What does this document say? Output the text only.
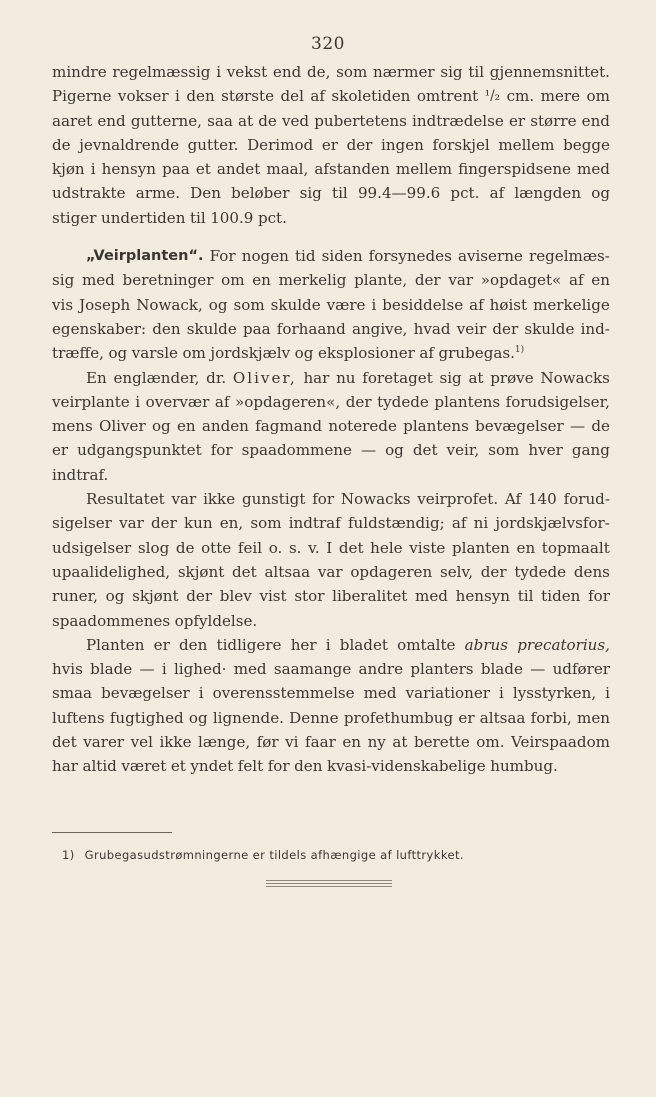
320
mindre regelmæssig i vekst end de, som nærmer sig til gjennemsnittet.
Pigerne vokser i den største del af skoletiden omtrent ¹/₂ cm. mere om
aaret end gutterne, saa at de ved pubertetens indtrædelse er større end
de jevnaldrende gutter. Derimod er der ingen forskjel mellem begge
kjøn i hensyn paa et andet maal, afstanden mellem fingerspidsene med
udstrakte arme. Den beløber sig til 99.4—99.6 pct. af længden og
stiger undertiden til 100.9 pct.
„Veirplanten“. For nogen tid siden forsynedes aviserne regelmæs-
sig med beretninger om en merkelig plante, der var »opdaget« af en
vis Joseph Nowack, og som skulde være i besiddelse af høist merkelige
egenskaber: den skulde paa forhaand angive, hvad veir der skulde ind-
træffe, og varsle om jordskjælv og eksplosioner af grubegas.$^{1)}$
En englænder, dr. Oliver, har nu foretaget sig at prøve Nowacks
veirplante i overvær af »opdageren«, der tydede plantens forudsigelser,
mens Oliver og en anden fagmand noterede plantens bevægelser — de
er udgangspunktet for spaadommene — og det veir, som hver gang
indtraf.
Resultatet var ikke gunstigt for Nowacks veirprofet. Af 140 forud-
sigelser var der kun en, som indtraf fuldstændig; af ni jordskjælvsfor-
udsigelser slog de otte feil o. s. v. I det hele viste planten en topmaalt
upaalidelighed, skjønt det altsaa var opdageren selv, der tydede dens
runer, og skjønt der blev vist stor liberalitet med hensyn til tiden for
spaadommenes opfyldelse.
Planten er den tidligere her i bladet omtalte abrus precatorius,
hvis blade — i lighed· med saamange andre planters blade — udfører
smaa bevægelser i overensstemmelse med variationer i lysstyrken, i
luftens fugtighed og lignende. Denne profethumbug er altsaa forbi, men
det varer vel ikke længe, før vi faar en ny at berette om. Veirspaadom
har altid været et yndet felt for den kvasi-videnskabelige humbug.
1) Grubegasudstrømningerne er tildels afhængige af lufttrykket.
